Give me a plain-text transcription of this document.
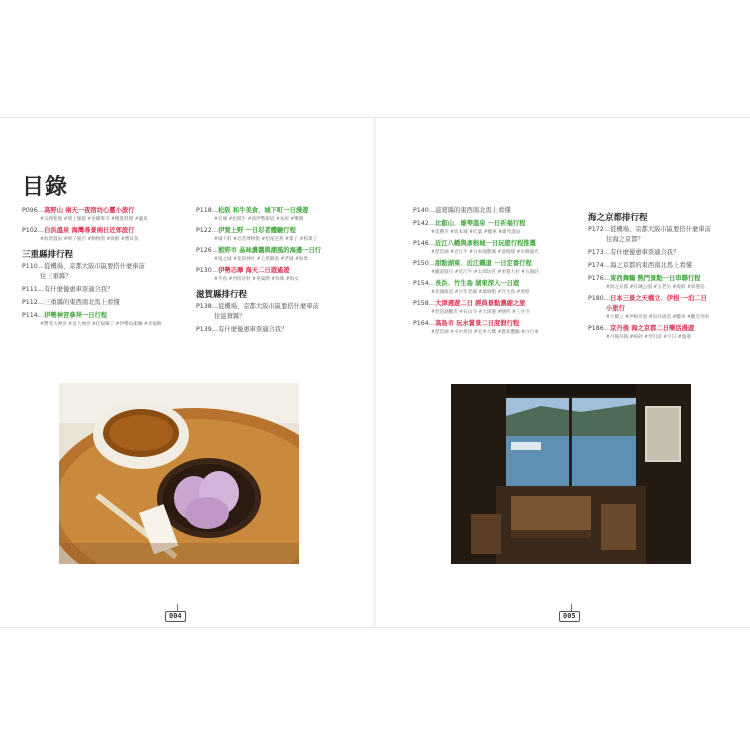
目錄
P096…高野山 兩天一夜宿坊心靈小旅行
#宗務聖地 #壇上伽藍 #金剛峯寺 #精進料理 #龍泉
P102…白浜溫泉 海灣尋景兩日近郊旅行
#海景溫泉 #崎子風呂 #動物園 #海鮮 #寶貝魚
三重縣排行程
P110…從機場、京都大阪市區要搭什麼車前
往三重縣？
P111…有什麼優惠車票適合我？
P112…三重縣的東西南北馬上看懂
P114…伊勢神宮參拜一日行程
#豐受大神宮 #皇大神宮 #托福橫丁 #伊勢烏龍麵 #赤福餅
P118…松阪 和牛美食，城下町一日漫遊
#名城 #松阪牛 #商伊勢街道 #本居 #樂園
P122…伊賀上野 一日忍者體驗行程
#城下町 #忍者博物館 #松尾芭蕉 #菓子 #和菓子
P126…熊野市 晶味濃醬與潮風的海邊一日行
#鬼之城 #花窟神社 #七里御浜 #老城 #海景
P130…伊勢志摩 海天二日遊遙遊
#半島 #西班牙村 #英虞灣 #珍珠 #海女
滋賀縣排行程
P138…從機場、京都大阪市區要搭什麼車前
往滋賀縣？
P139…有什麼優惠車票適合我？
P140…滋賀縣的東西南北馬上看懂
P142…比叡山．雄琴溫泉 一日祈福行程
#延曆寺 #坂本城 #紅葉 #纜車 #雄琴溫泉
P146…近江八幡與彥根城一日玩遊行程推薦
#琵琶湖 #近江牛 #日本國寶城 #彥根喵 #水鄉風光
P150…甜點湖東．近江鐵道 一日定番行程
#鐵道旅行 #近江牛 #太郎坊宮 #多賀大社 #五個莊
P154…長浜．竹生島 湖東深入一日遊
#北國街道 #百年老舖 #玻璃館 #竹生島 #黑壁
P158…大津週遊二日 經典景點濃縮之旅
#琵琶湖觀光 #石山寺 #大津港 #膳所 #三井寺
P164…高島市 玩水賞景二日度假行程
#琵琶湖 #水中鳥居 #近木大橋 #農家體驗 #白行車
海之京都排行程
P172…從機場、京都大阪市區要搭什麼車前
往海之京都？
P173…有什麼優惠車票適合我？
P174…海之京都的東西南北馬上看懂
P176…東西舞鶴 熱門景點一日串聯行程
#海之京都 #紅磚公園 #五老岳 #海鮮 #軍港巡
P180…日本三景之天橋立．伊根 一泊二日
小旅行
#天橋立 #伊根舟屋 #向井酒造 #纜車 #觀光列車
P186…京丹後 海之京都二日樂活漫遊
#丹後丹後 #鳴砂 #琴引浜 #夕日 #漁港
004	005
